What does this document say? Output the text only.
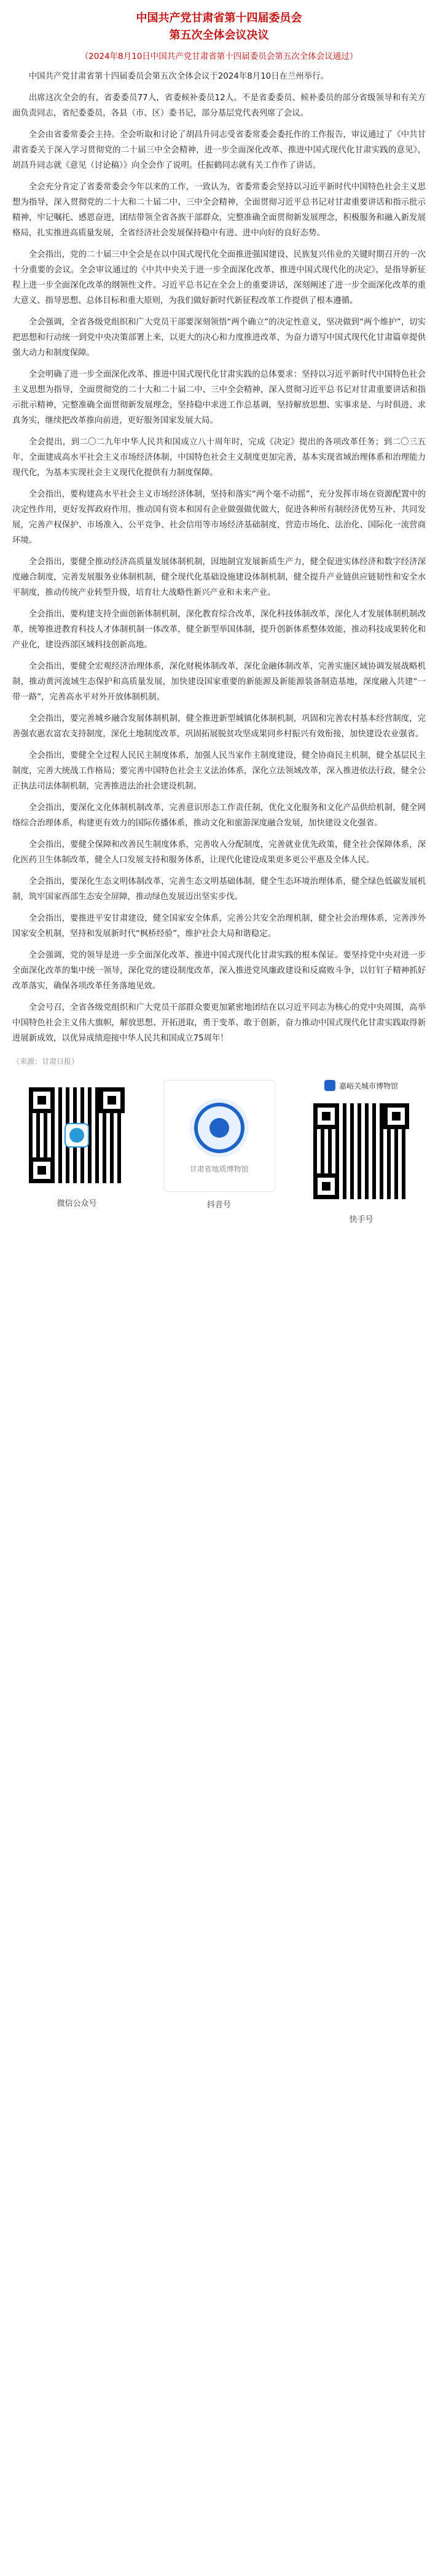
中国共产党甘肃省第十四届委员会
第五次全体会议决议
（2024年8月10日中国共产党甘肃省第十四届委员会第五次全体会议通过）

中国共产党甘肃省第十四届委员会第五次全体会议于2024年8月10日在兰州举行。

出席这次全会的有，省委委员77人，省委候补委员12人。不是省委委员、候补委员的部分省级领导和有关方面负责同志，省纪委委员，各县（市、区）委书记，部分基层党代表列席了会议。

全会由省委常委会主持。全会听取和讨论了胡昌升同志受省委常委会委托作的工作报告，审议通过了《中共甘肃省委关于深入学习贯彻党的二十届三中全会精神，进一步全面深化改革、推进中国式现代化甘肃实践的意见》，胡昌升同志就《意见（讨论稿）》向全会作了说明。任振鹤同志就有关工作作了讲话。

全会充分肯定了省委常委会今年以来的工作，一致认为，省委常委会坚持以习近平新时代中国特色社会主义思想为指导，深入贯彻党的二十大和二十届二中、三中全会精神，全面贯彻习近平总书记对甘肃重要讲话和指示批示精神，牢记嘱托、感恩奋进，团结带领全省各族干部群众，完整准确全面贯彻新发展理念，积极服务和融入新发展格局，扎实推进高质量发展，全省经济社会发展保持稳中有进、进中向好的良好态势。

全会指出，党的二十届三中全会是在以中国式现代化全面推进强国建设、民族复兴伟业的关键时期召开的一次十分重要的会议。全会审议通过的《中共中央关于进一步全面深化改革、推进中国式现代化的决定》，是指导新征程上进一步全面深化改革的纲领性文件。习近平总书记在全会上的重要讲话，深刻阐述了进一步全面深化改革的重大意义、指导思想、总体目标和重大原则，为我们做好新时代新征程改革工作提供了根本遵循。

全会强调，全省各级党组织和广大党员干部要深刻领悟“两个确立”的决定性意义，坚决做到“两个维护”，切实把思想和行动统一到党中央决策部署上来，以更大的决心和力度推进改革，为奋力谱写中国式现代化甘肃篇章提供强大动力和制度保障。

全会明确了进一步全面深化改革、推进中国式现代化甘肃实践的总体要求：坚持以习近平新时代中国特色社会主义思想为指导，全面贯彻党的二十大和二十届二中、三中全会精神，深入贯彻习近平总书记对甘肃重要讲话和指示批示精神，完整准确全面贯彻新发展理念，坚持稳中求进工作总基调，坚持解放思想、实事求是、与时俱进、求真务实，继续把改革推向前进，更好服务国家发展大局。

全会提出，到二〇二九年中华人民共和国成立八十周年时，完成《决定》提出的各项改革任务；到二〇三五年，全面建成高水平社会主义市场经济体制，中国特色社会主义制度更加完善，基本实现省域治理体系和治理能力现代化，为基本实现社会主义现代化提供有力制度保障。

全会指出，要构建高水平社会主义市场经济体制，坚持和落实“两个毫不动摇”，充分发挥市场在资源配置中的决定性作用，更好发挥政府作用，推动国有资本和国有企业做强做优做大，促进各种所有制经济优势互补、共同发展，完善产权保护、市场准入、公平竞争、社会信用等市场经济基础制度，营造市场化、法治化、国际化一流营商环境。

全会指出，要健全推动经济高质量发展体制机制，因地制宜发展新质生产力，健全促进实体经济和数字经济深度融合制度，完善发展服务业体制机制，健全现代化基础设施建设体制机制，健全提升产业链供应链韧性和安全水平制度，推动传统产业转型升级，培育壮大战略性新兴产业和未来产业。

全会指出，要构建支持全面创新体制机制，深化教育综合改革，深化科技体制改革，深化人才发展体制机制改革，统筹推进教育科技人才体制机制一体改革，健全新型举国体制，提升创新体系整体效能，推动科技成果转化和产业化，建设西部区域科技创新高地。

全会指出，要健全宏观经济治理体系，深化财税体制改革，深化金融体制改革，完善实施区域协调发展战略机制，推动黄河流域生态保护和高质量发展，加快建设国家重要的新能源及新能源装备制造基地，深度融入共建“一带一路”，完善高水平对外开放体制机制。

全会指出，要完善城乡融合发展体制机制，健全推进新型城镇化体制机制，巩固和完善农村基本经营制度，完善强农惠农富农支持制度，深化土地制度改革，巩固拓展脱贫攻坚成果同乡村振兴有效衔接，加快建设农业强省。

全会指出，要健全全过程人民民主制度体系，加强人民当家作主制度建设，健全协商民主机制，健全基层民主制度，完善大统战工作格局；要完善中国特色社会主义法治体系，深化立法领域改革，深入推进依法行政，健全公正执法司法体制机制，完善推进法治社会建设机制。

全会指出，要深化文化体制机制改革，完善意识形态工作责任制，优化文化服务和文化产品供给机制，健全网络综合治理体系，构建更有效力的国际传播体系，推动文化和旅游深度融合发展，加快建设文化强省。

全会指出，要健全保障和改善民生制度体系，完善收入分配制度，完善就业优先政策，健全社会保障体系，深化医药卫生体制改革，健全人口发展支持和服务体系，让现代化建设成果更多更公平惠及全体人民。

全会指出，要深化生态文明体制改革，完善生态文明基础体制，健全生态环境治理体系，健全绿色低碳发展机制，筑牢国家西部生态安全屏障，推动绿色发展迈出坚实步伐。

全会指出，要推进平安甘肃建设，健全国家安全体系，完善公共安全治理机制，健全社会治理体系，完善涉外国家安全机制，坚持和发展新时代“枫桥经验”，维护社会大局和谐稳定。

全会强调，党的领导是进一步全面深化改革、推进中国式现代化甘肃实践的根本保证。要坚持党中央对进一步全面深化改革的集中统一领导，深化党的建设制度改革，深入推进党风廉政建设和反腐败斗争，以钉钉子精神抓好改革落实，确保各项改革任务落地见效。

全会号召，全省各级党组织和广大党员干部群众要更加紧密地团结在以习近平同志为核心的党中央周围，高举中国特色社会主义伟大旗帜，解放思想、开拓进取，勇于变革、敢于创新，奋力推动中国式现代化甘肃实践取得新进展新成效，以优异成绩迎接中华人民共和国成立75周年！

（来源：甘肃日报）
微信公众号
甘肃省地质博物馆
抖音号
嘉峪关城市博物馆
快手号
